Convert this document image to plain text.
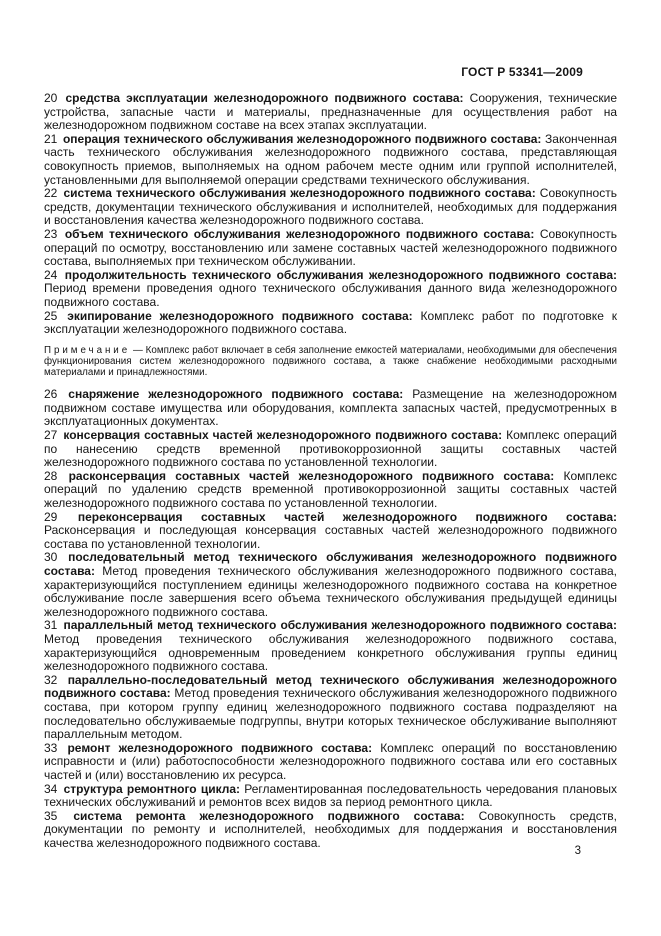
ГОСТ Р 53341—2009

20 средства эксплуатации железнодорожного подвижного состава: Сооружения, технические устройства, запасные части и материалы, предназначенные для осуществления работ на железнодорожном подвижном составе на всех этапах эксплуатации.

21 операция технического обслуживания железнодорожного подвижного состава: Законченная часть технического обслуживания железнодорожного подвижного состава, представляющая совокупность приемов, выполняемых на одном рабочем месте одним или группой исполнителей, установленными для выполняемой операции средствами технического обслуживания.

22 система технического обслуживания железнодорожного подвижного состава: Совокупность средств, документации технического обслуживания и исполнителей, необходимых для поддержания и восстановления качества железнодорожного подвижного состава.

23 объем технического обслуживания железнодорожного подвижного состава: Совокупность операций по осмотру, восстановлению или замене составных частей железнодорожного подвижного состава, выполняемых при техническом обслуживании.

24 продолжительность технического обслуживания железнодорожного подвижного состава: Период времени проведения одного технического обслуживания данного вида железнодорожного подвижного состава.

25 экипирование железнодорожного подвижного состава: Комплекс работ по подготовке к эксплуатации железнодорожного подвижного состава.

Примечание — Комплекс работ включает в себя заполнение емкостей материалами, необходимыми для обеспечения функционирования систем железнодорожного подвижного состава, а также снабжение необходимыми расходными материалами и принадлежностями.

26 снаряжение железнодорожного подвижного состава: Размещение на железнодорожном подвижном составе имущества или оборудования, комплекта запасных частей, предусмотренных в эксплуатационных документах.

27 консервация составных частей железнодорожного подвижного состава: Комплекс операций по нанесению средств временной противокоррозионной защиты составных частей железнодорожного подвижного состава по установленной технологии.

28 расконсервация составных частей железнодорожного подвижного состава: Комплекс операций по удалению средств временной противокоррозионной защиты составных частей железнодорожного подвижного состава по установленной технологии.

29 переконсервация составных частей железнодорожного подвижного состава: Расконсервация и последующая консервация составных частей железнодорожного подвижного состава по установленной технологии.

30 последовательный метод технического обслуживания железнодорожного подвижного состава: Метод проведения технического обслуживания железнодорожного подвижного состава, характеризующийся поступлением единицы железнодорожного подвижного состава на конкретное обслуживание после завершения всего объема технического обслуживания предыдущей единицы железнодорожного подвижного состава.

31 параллельный метод технического обслуживания железнодорожного подвижного состава: Метод проведения технического обслуживания железнодорожного подвижного состава, характеризующийся одновременным проведением конкретного обслуживания группы единиц железнодорожного подвижного состава.

32 параллельно-последовательный метод технического обслуживания железнодорожного подвижного состава: Метод проведения технического обслуживания железнодорожного подвижного состава, при котором группу единиц железнодорожного подвижного состава подразделяют на последовательно обслуживаемые подгруппы, внутри которых техническое обслуживание выполняют параллельным методом.

33 ремонт железнодорожного подвижного состава: Комплекс операций по восстановлению исправности и (или) работоспособности железнодорожного подвижного состава или его составных частей и (или) восстановлению их ресурса.

34 структура ремонтного цикла: Регламентированная последовательность чередования плановых технических обслуживаний и ремонтов всех видов за период ремонтного цикла.

35 система ремонта железнодорожного подвижного состава: Совокупность средств, документации по ремонту и исполнителей, необходимых для поддержания и восстановления качества железнодорожного подвижного состава.

3
